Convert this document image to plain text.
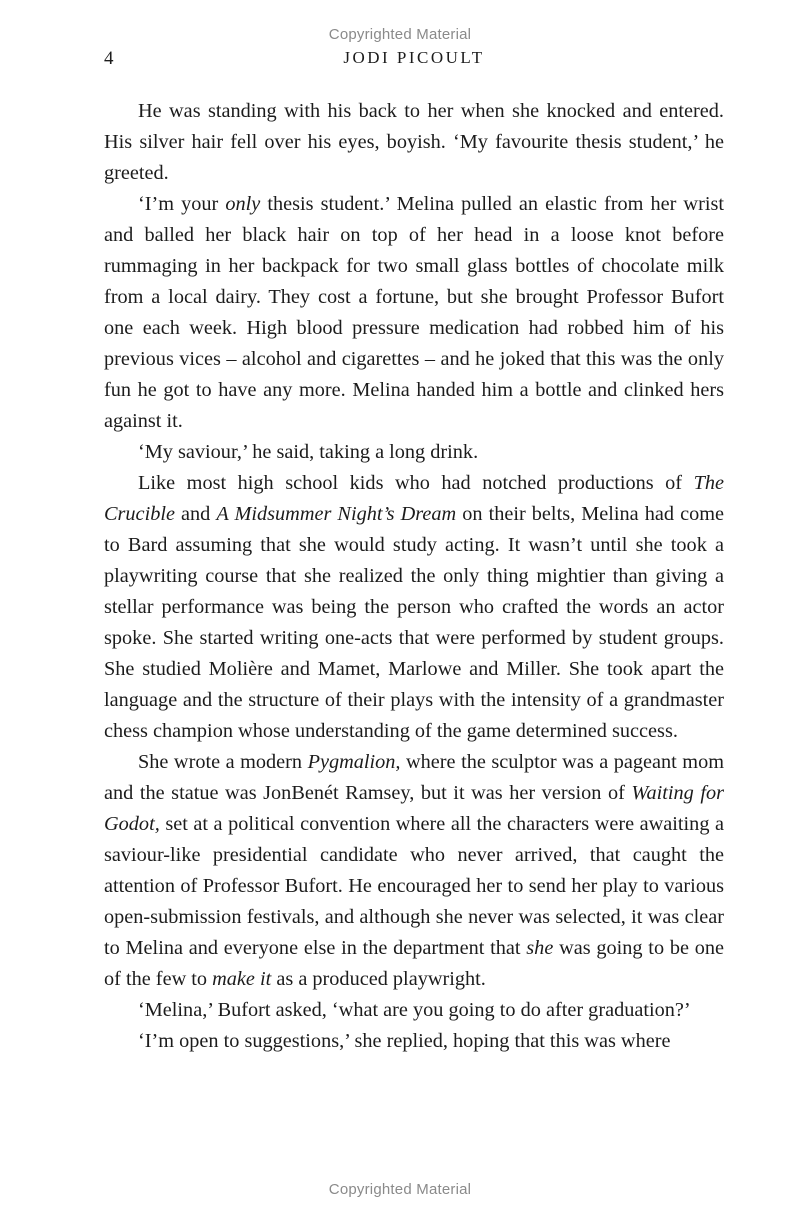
Copyrighted Material
4	JODI PICOULT

He was standing with his back to her when she knocked and entered. His silver hair fell over his eyes, boyish. ‘My favourite thesis student,’ he greeted.

‘I’m your only thesis student.’ Melina pulled an elastic from her wrist and balled her black hair on top of her head in a loose knot before rummaging in her backpack for two small glass bottles of chocolate milk from a local dairy. They cost a fortune, but she brought Professor Bufort one each week. High blood pressure medication had robbed him of his previous vices – alcohol and cigarettes – and he joked that this was the only fun he got to have any more. Melina handed him a bottle and clinked hers against it.

‘My saviour,’ he said, taking a long drink.

Like most high school kids who had notched productions of The Crucible and A Midsummer Night’s Dream on their belts, Melina had come to Bard assuming that she would study acting. It wasn’t until she took a playwriting course that she realized the only thing mightier than giving a stellar performance was being the person who crafted the words an actor spoke. She started writing one-acts that were performed by student groups. She studied Molière and Mamet, Marlowe and Miller. She took apart the language and the structure of their plays with the intensity of a grandmaster chess champion whose understanding of the game determined success.

She wrote a modern Pygmalion, where the sculptor was a pageant mom and the statue was JonBenét Ramsey, but it was her version of Waiting for Godot, set at a political convention where all the characters were awaiting a saviour-like presidential candidate who never arrived, that caught the attention of Professor Bufort. He encouraged her to send her play to various open-submission festivals, and although she never was selected, it was clear to Melina and everyone else in the department that she was going to be one of the few to make it as a produced playwright.

‘Melina,’ Bufort asked, ‘what are you going to do after graduation?’

‘I’m open to suggestions,’ she replied, hoping that this was where

Copyrighted Material
